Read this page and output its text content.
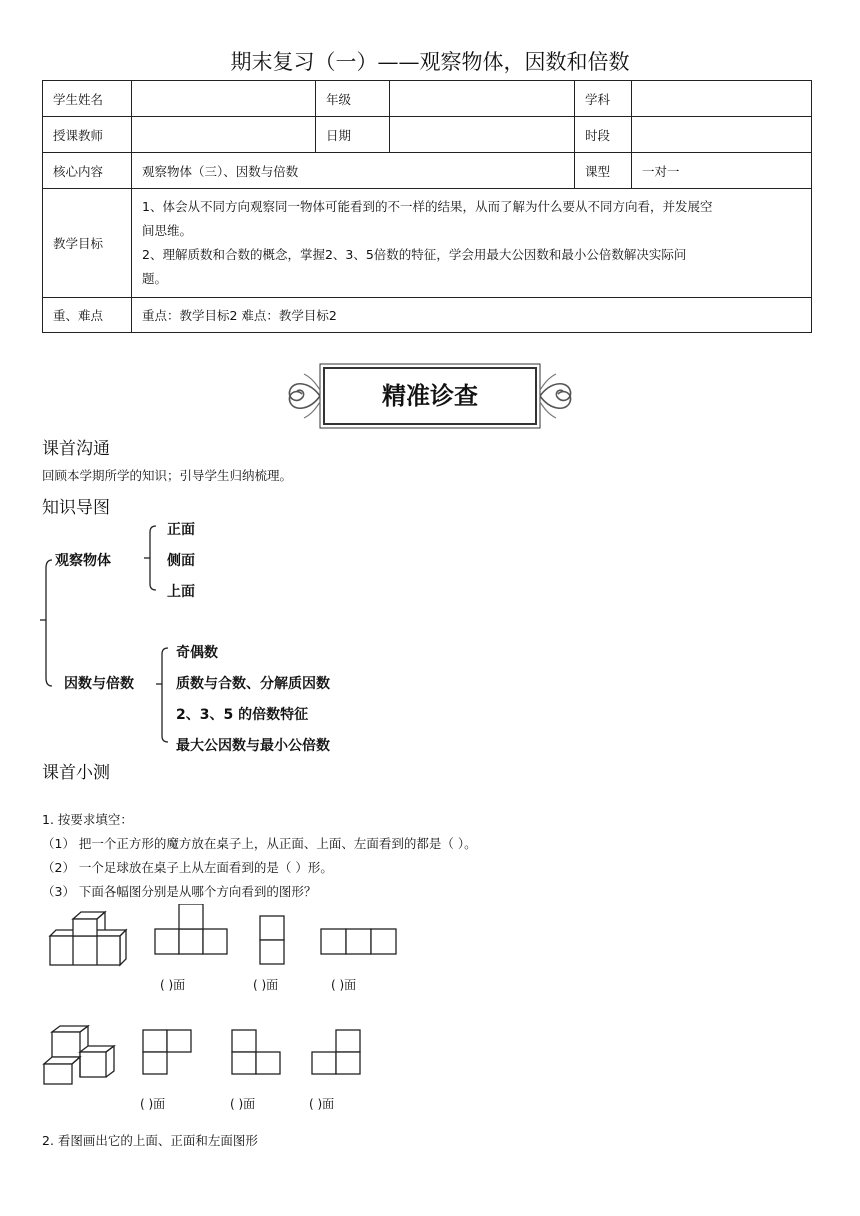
期末复习（一）——观察物体，因数和倍数
学生姓名		年级		学科	
授课教师		日期		时段	
核心内容	观察物体（三）、因数与倍数			课型	一对一
教学目标	1、体会从不同方向观察同一物体可能看到的不一样的结果，从而了解为什么要从不同方向看，并发展空

间思维。

2、理解质数和合数的概念，掌握2、3、5倍数的特征，学会用最大公因数和最小公倍数解决实际问

题。				

重、难点	重点：教学目标2 难点：教学目标2				
精准诊查
课首沟通
回顾本学期所学的知识；引导学生归纳梳理。
知识导图
观察物体
正面
侧面
上面
因数与倍数
奇偶数
质数与合数、分解质因数
2、3、5 的倍数特征
最大公因数与最小公倍数
课首小测
1. 按要求填空：
（1） 把一个正方形的魔方放在桌子上，从正面、上面、左面看到的都是（ ）。
（2） 一个足球放在桌子上从左面看到的是（ ）形。
（3） 下面各幅图分别是从哪个方向看到的图形？
( )面	( )面	( )面
( )面	( )面	( )面
2. 看图画出它的上面、正面和左面图形
